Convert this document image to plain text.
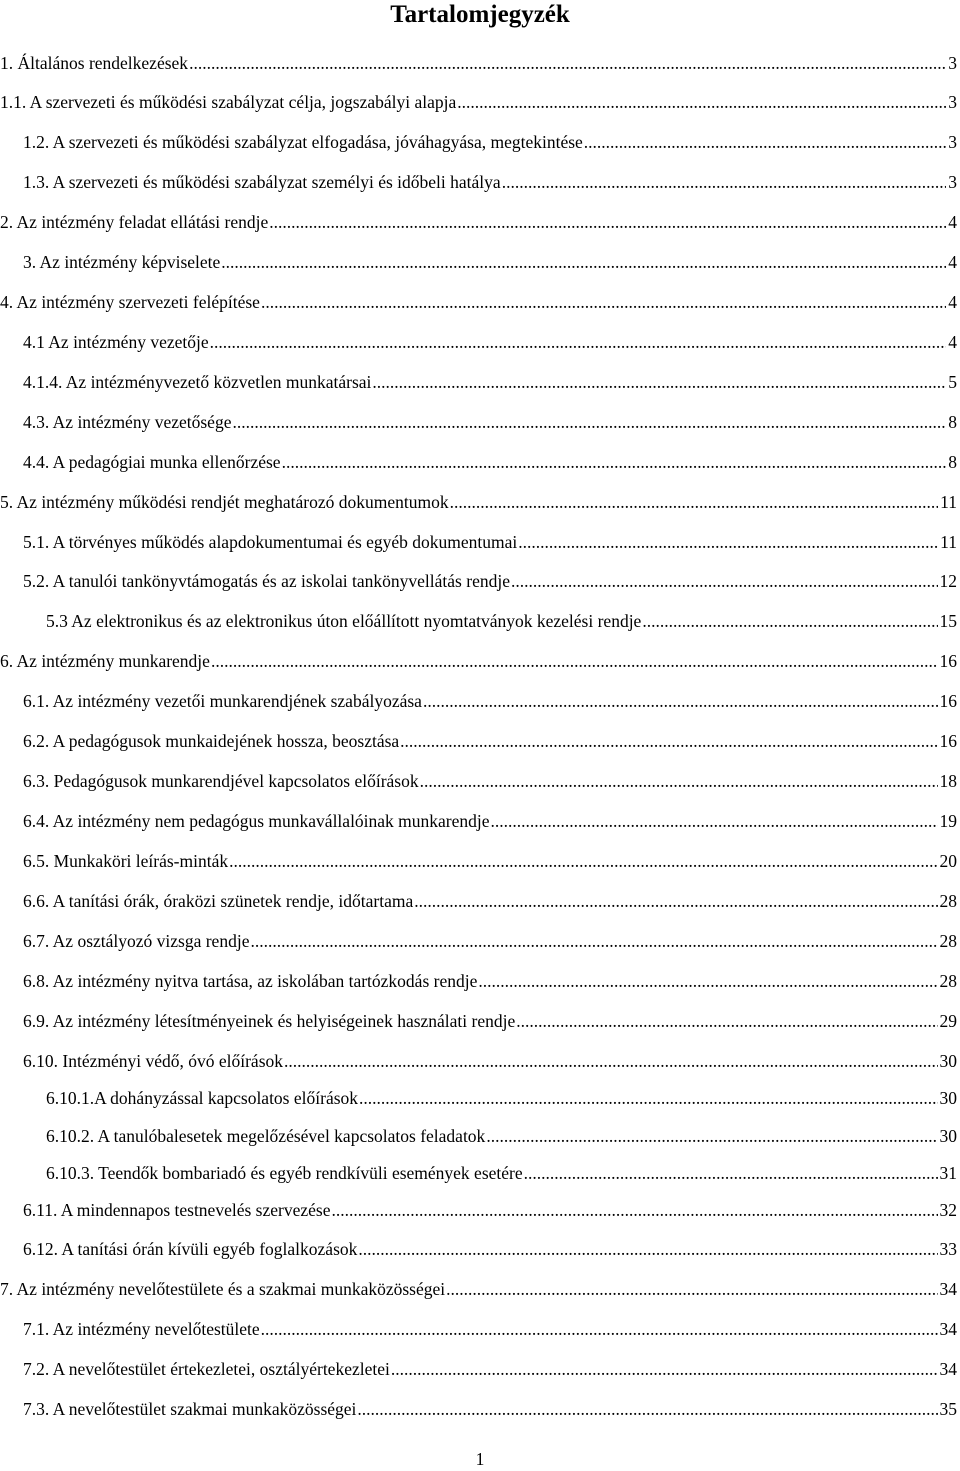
Tartalomjegyzék
1. Általános rendelkezések .....	3
1.1. A szervezeti és működési szabályzat célja, jogszabályi alapja .....	3
1.2. A szervezeti és működési szabályzat elfogadása, jóváhagyása, megtekintése .....	3
1.3. A szervezeti és működési szabályzat személyi és időbeli hatálya .....	3
2. Az intézmény feladat ellátási rendje .....	4
3. Az intézmény képviselete .....	4
4. Az intézmény szervezeti felépítése .....	4
4.1 Az intézmény vezetője .....	4
4.1.4. Az intézményvezető közvetlen munkatársai .....	5
4.3. Az intézmény vezetősége .....	8
4.4. A pedagógiai munka ellenőrzése .....	8
5. Az intézmény működési rendjét meghatározó dokumentumok .....	11
5.1. A törvényes működés alapdokumentumai és egyéb dokumentumai .....	11
5.2. A tanulói tankönyvtámogatás és az iskolai tankönyvellátás rendje .....	12
5.3 Az elektronikus és az elektronikus úton előállított nyomtatványok kezelési rendje .....	15
6. Az intézmény munkarendje .....	16
6.1. Az intézmény vezetői munkarendjének szabályozása .....	16
6.2. A pedagógusok munkaidejének hossza, beosztása .....	16
6.3. Pedagógusok munkarendjével kapcsolatos előírások .....	18
6.4. Az intézmény nem pedagógus munkavállalóinak munkarendje .....	19
6.5. Munkaköri leírás-minták .....	20
6.6. A tanítási órák, óraközi szünetek rendje, időtartama .....	28
6.7. Az osztályozó vizsga rendje .....	28
6.8. Az intézmény nyitva tartása, az iskolában tartózkodás rendje .....	28
6.9. Az intézmény létesítményeinek és helyiségeinek használati rendje .....	29
6.10. Intézményi védő, óvó előírások .....	30
6.10.1.A dohányzással kapcsolatos előírások .....	30
6.10.2. A tanulóbalesetek megelőzésével kapcsolatos feladatok .....	30
6.10.3. Teendők bombariadó és egyéb rendkívüli események esetére .....	31
6.11. A mindennapos testnevelés szervezése .....	32
6.12. A tanítási órán kívüli egyéb foglalkozások .....	33
7. Az intézmény nevelőtestülete és a szakmai munkaközösségei .....	34
7.1. Az intézmény nevelőtestülete .....	34
7.2. A nevelőtestület értekezletei, osztályértekezletei .....	34
7.3. A nevelőtestület szakmai munkaközösségei .....	35
1
